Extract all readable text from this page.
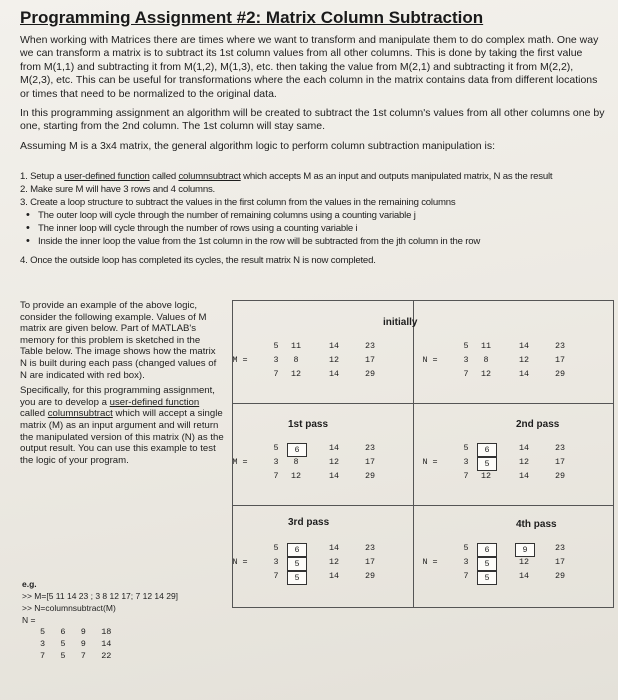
Programming Assignment #2: Matrix Column Subtraction

When working with Matrices there are times where we want to transform and manipulate them to do complex math. One way we can transform a matrix is to subtract its 1st column values from all other columns. This is done by taking the first value from M(1,1) and subtracting it from M(1,2), M(1,3), etc. then taking the value from M(2,1) and subtracting it from M(2,2), M(2,3), etc. This can be useful for transformations where the each column in the matrix contains data from different locations or times that need to be normalized to the original data.

In this programming assignment an algorithm will be created to subtract the 1st column's values from all other columns one by one, starting from the 2nd column. The 1st column will stay same.

Assuming M is a 3x4 matrix, the general algorithm logic to perform column subtraction manipulation is:

1. Setup a user-defined function called columnsubtract which accepts M as an input and outputs manipulated matrix, N as the result
2. Make sure M will have 3 rows and 4 columns.
3. Create a loop structure to subtract the values in the first column from the values in the remaining columns
• The outer loop will cycle through the number of remaining columns using a counting variable j
• The inner loop will cycle through the number of rows using a counting variable i
• Inside the inner loop the value from the 1st column in the row will be subtracted from the jth column in the row
4. Once the outside loop has completed its cycles, the result matrix N is now completed.

To provide an example of the above logic, consider the following example. Values of M matrix are given below. Part of MATLAB's memory for this problem is sketched in the Table below. The image shows how the matrix N is built during each pass (changed values of N are indicated with red box).

Specifically, for this programming assignment, you are to develop a user-defined function called columnsubtract which will accept a single matrix (M) as an input argument and will return the manipulated version of this matrix (N) as the output result. You can use this example to test the logic of your program.

e.g.
>> M=[5 11 14 23 ; 3 8 12 17; 7 12 14 29]
>> N=columnsubtract(M)
N =
5   6   9   18
3   5   9   14
7   5   7   22
initially
1st pass	2nd pass
3rd pass	4th pass
M =
5	11	14	23
3	8	12	17
7	12	14	29
N =
5	11	14	23
3	8	12	17
7	12	14	29
M =
5	6	14	23
3	8	12	17
7	12	14	29
N =
5	6	14	23
3	5	12	17
7	12	14	29
N =
5	6	14	23
3	5	12	17
7	5	14	29
N =
5	6	9	23
3	5	12	17
7	5	14	29
